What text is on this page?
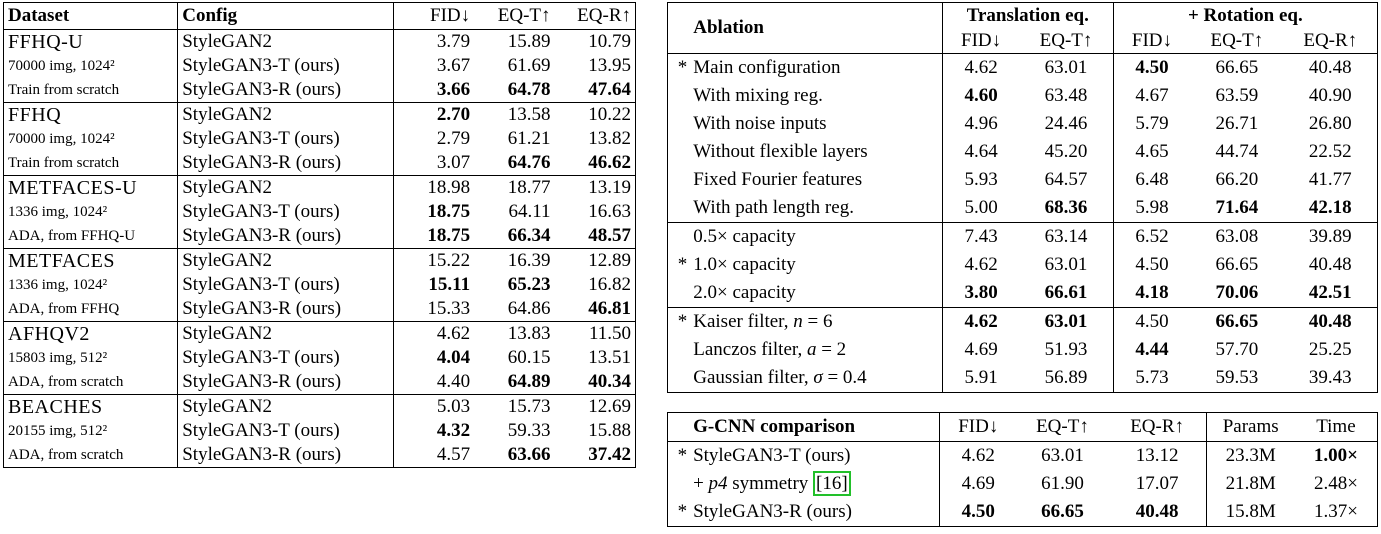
Dataset	Config	FID↓	EQ-T↑	EQ-R↑
FFHQ-U	StyleGAN2	3.79	15.89	10.79
70000 img, 1024²	StyleGAN3-T (ours)	3.67	61.69	13.95
Train from scratch	StyleGAN3-R (ours)	3.66	64.78	47.64
FFHQ	StyleGAN2	2.70	13.58	10.22
70000 img, 1024²	StyleGAN3-T (ours)	2.79	61.21	13.82
Train from scratch	StyleGAN3-R (ours)	3.07	64.76	46.62
METFACES-U	StyleGAN2	18.98	18.77	13.19
1336 img, 1024²	StyleGAN3-T (ours)	18.75	64.11	16.63
ADA, from FFHQ-U	StyleGAN3-R (ours)	18.75	66.34	48.57
METFACES	StyleGAN2	15.22	16.39	12.89
1336 img, 1024²	StyleGAN3-T (ours)	15.11	65.23	16.82
ADA, from FFHQ	StyleGAN3-R (ours)	15.33	64.86	46.81
AFHQV2	StyleGAN2	4.62	13.83	11.50
15803 img, 512²	StyleGAN3-T (ours)	4.04	60.15	13.51
ADA, from scratch	StyleGAN3-R (ours)	4.40	64.89	40.34
BEACHES	StyleGAN2	5.03	15.73	12.69
20155 img, 512²	StyleGAN3-T (ours)	4.32	59.33	15.88
ADA, from scratch	StyleGAN3-R (ours)	4.57	63.66	37.42
	Ablation	Translation eq.		+ Rotation eq.		
		FID↓	EQ-T↑	FID↓	EQ-T↑	EQ-R↑
*	Main configuration	4.62	63.01	4.50	66.65	40.48
	With mixing reg.	4.60	63.48	4.67	63.59	40.90
	With noise inputs	4.96	24.46	5.79	26.71	26.80
	Without flexible layers	4.64	45.20	4.65	44.74	22.52
	Fixed Fourier features	5.93	64.57	6.48	66.20	41.77
	With path length reg.	5.00	68.36	5.98	71.64	42.18
	0.5× capacity	7.43	63.14	6.52	63.08	39.89
*	1.0× capacity	4.62	63.01	4.50	66.65	40.48
	2.0× capacity	3.80	66.61	4.18	70.06	42.51
*	Kaiser filter, n = 6	4.62	63.01	4.50	66.65	40.48
	Lanczos filter, a = 2	4.69	51.93	4.44	57.70	25.25
	Gaussian filter, σ = 0.4	5.91	56.89	5.73	59.53	39.43
	G-CNN comparison	FID↓	EQ-T↑	EQ-R↑	Params	Time
*	StyleGAN3-T (ours)	4.62	63.01	13.12	23.3M	1.00×
	+ p4 symmetry [16]	4.69	61.90	17.07	21.8M	2.48×
*	StyleGAN3-R (ours)	4.50	66.65	40.48	15.8M	1.37×
